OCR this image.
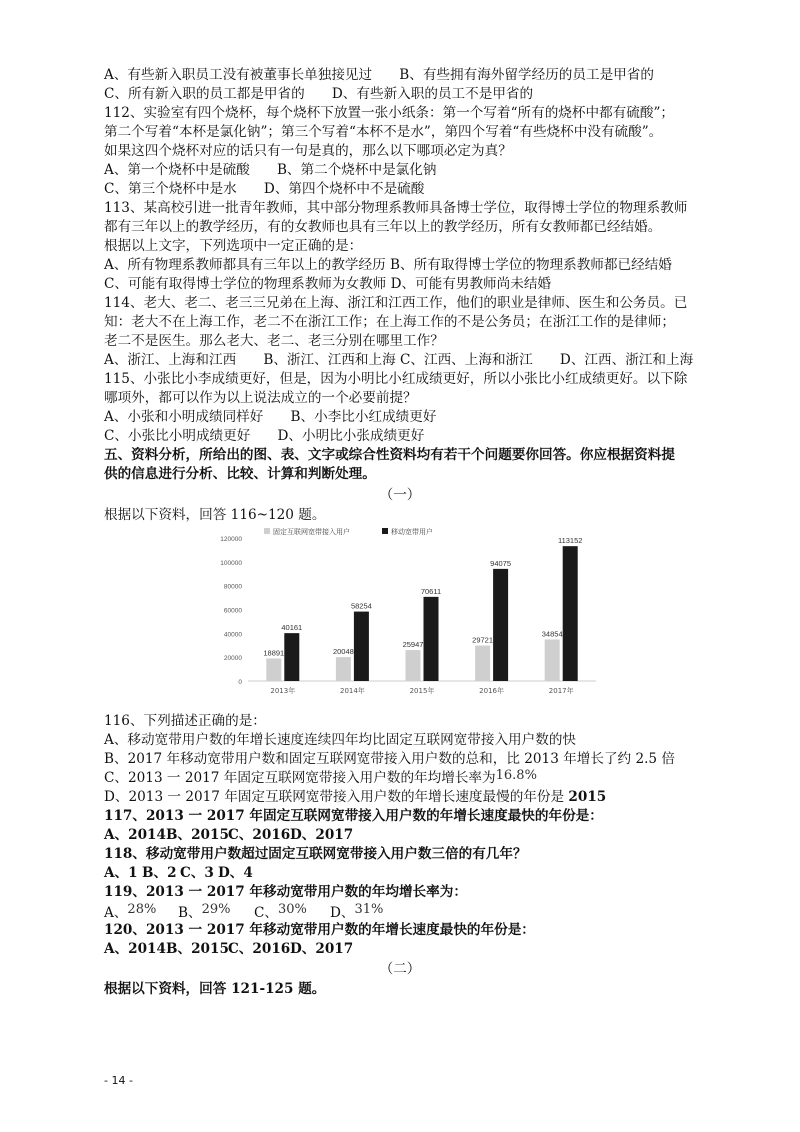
A、有些新入职员工没有被董事长单独接见过　　B、有些拥有海外留学经历的员工是甲省的
C、所有新入职的员工都是甲省的　　D、有些新入职的员工不是甲省的
112、实验室有四个烧杯，每个烧杯下放置一张小纸条：第一个写着“所有的烧杯中都有硫酸”；
第二个写着“本杯是氯化钠”；第三个写着“本杯不是水”，第四个写着“有些烧杯中没有硫酸”。
如果这四个烧杯对应的话只有一句是真的，那么以下哪项必定为真？
A、第一个烧杯中是硫酸　　B、第二个烧杯中是氯化钠
C、第三个烧杯中是水　　D、第四个烧杯中不是硫酸
113、某高校引进一批青年教师，其中部分物理系教师具备博士学位，取得博士学位的物理系教师
都有三年以上的教学经历，有的女教师也具有三年以上的教学经历，所有女教师都已经结婚。
根据以上文字，下列选项中一定正确的是：
A、所有物理系教师都具有三年以上的教学经历 B、所有取得博士学位的物理系教师都已经结婚
C、可能有取得博士学位的物理系教师为女教师 D、可能有男教师尚未结婚
114、老大、老二、老三三兄弟在上海、浙江和江西工作，他们的职业是律师、医生和公务员。已
知：老大不在上海工作，老二不在浙江工作；在上海工作的不是公务员；在浙江工作的是律师；
老二不是医生。那么老大、老二、老三分别在哪里工作？
A、浙江、上海和江西　　B、浙江、江西和上海 C、江西、上海和浙江　　D、江西、浙江和上海
115、小张比小李成绩更好，但是，因为小明比小红成绩更好，所以小张比小红成绩更好。以下除
哪项外，都可以作为以上说法成立的一个必要前提？
A、小张和小明成绩同样好　　B、小李比小红成绩更好
C、小张比小明成绩更好　　D、小明比小张成绩更好
五、资料分析，所给出的图、表、文字或综合性资料均有若干个问题要你回答。你应根据资料提
供的信息进行分析、比较、计算和判断处理。
（一）
根据以下资料，回答 116~120 题。
0
20000
40000
60000
80000
100000
120000
固定互联网宽带接入用户	移动宽带用户
18891
40161
2013年
20048
58254
2014年
25947
70611
2015年
29721
94075
2016年
34854
113152
2017年
116、下列描述正确的是：
A、移动宽带用户数的年增长速度连续四年均比固定互联网宽带接入用户数的快
B、2017 年移动宽带用户数和固定互联网宽带接入用户数的总和，比 2013 年增长了约 2.5 倍
C、2013 一 2017 年固定互联网宽带接入用户数的年均增长率为16.8%
D、2013 一 2017 年固定互联网宽带接入用户数的年增长速度最慢的年份是 2015
117、2013 一 2017 年固定互联网宽带接入用户数的年增长速度最快的年份是：
A、2014B、2015C、2016D、2017
118、移动宽带用户数超过固定互联网宽带接入用户数三倍的有几年？
A、1 B、2 C、3 D、4
119、2013 一 2017 年移动宽带用户数的年均增长率为：
A、28% B、29% C、30% D、31%
120、2013 一 2017 年移动宽带用户数的年增长速度最快的年份是：
A、2014B、2015C、2016D、2017
（二）
根据以下资料，回答 121-125 题。
- 14 -
